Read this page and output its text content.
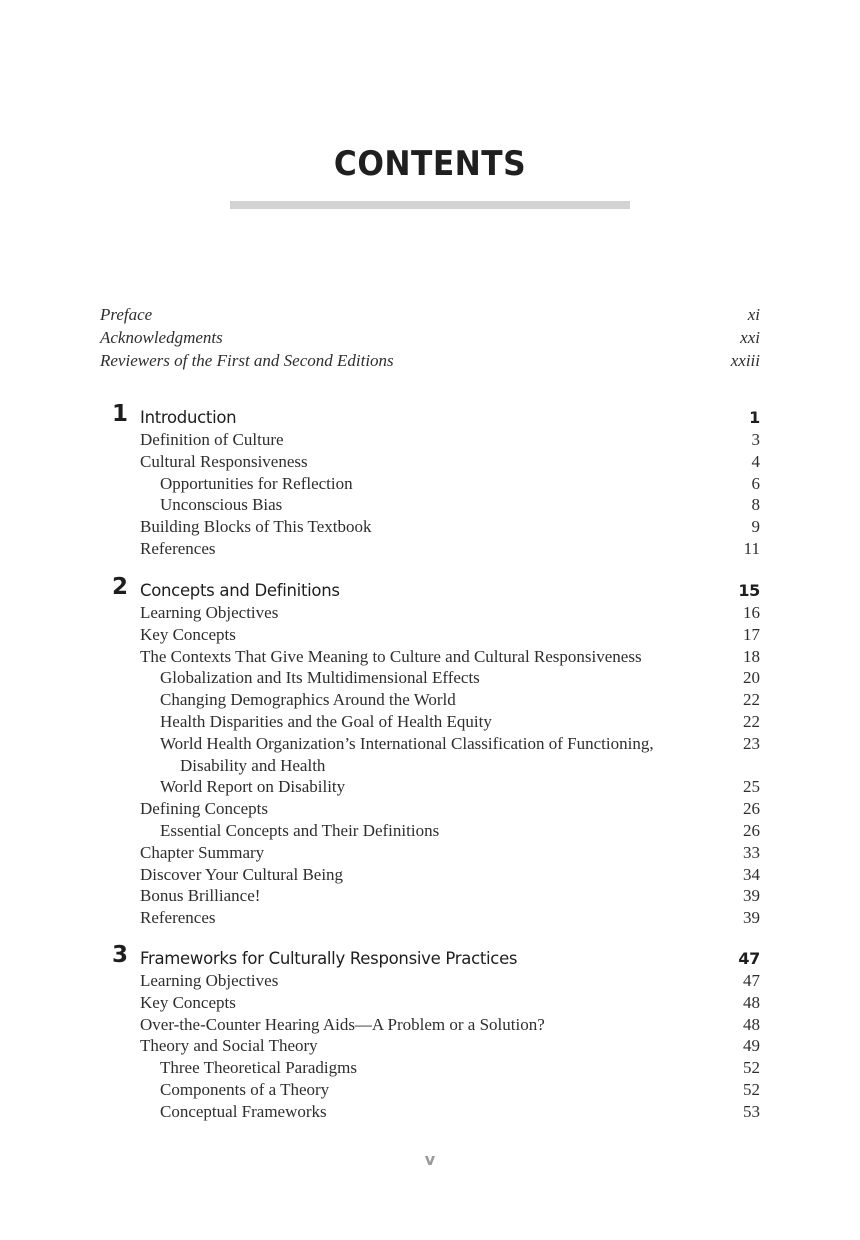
CONTENTS
Preface	xi
Acknowledgments	xxi
Reviewers of the First and Second Editions	xxiii
1 Introduction	1
Definition of Culture	3
Cultural Responsiveness	4
Opportunities for Reflection	6
Unconscious Bias	8
Building Blocks of This Textbook	9
References	11
2 Concepts and Definitions	15
Learning Objectives	16
Key Concepts	17
The Contexts That Give Meaning to Culture and Cultural Responsiveness	18
Globalization and Its Multidimensional Effects	20
Changing Demographics Around the World	22
Health Disparities and the Goal of Health Equity	22
World Health Organization’s International Classification of Functioning,	23
Disability and Health
World Report on Disability	25
Defining Concepts	26
Essential Concepts and Their Definitions	26
Chapter Summary	33
Discover Your Cultural Being	34
Bonus Brilliance!	39
References	39
3 Frameworks for Culturally Responsive Practices	47
Learning Objectives	47
Key Concepts	48
Over-the-Counter Hearing Aids—A Problem or a Solution?	48
Theory and Social Theory	49
Three Theoretical Paradigms	52
Components of a Theory	52
Conceptual Frameworks	53
v
